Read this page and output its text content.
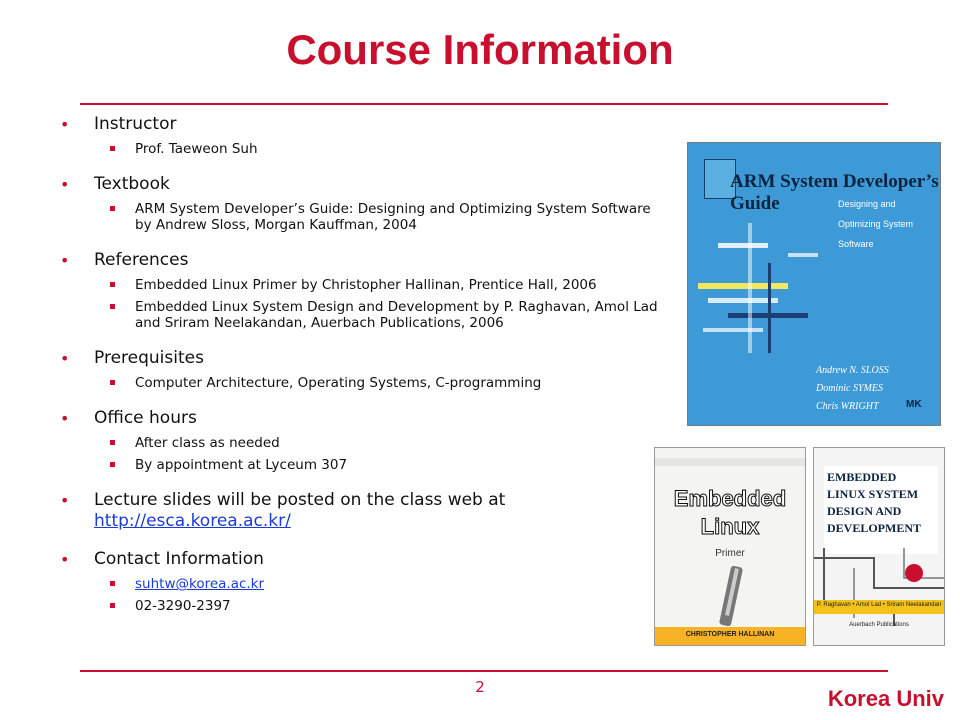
Course Information
• Instructor
Prof. Taeweon Suh
• Textbook
ARM System Developer’s Guide: Designing and Optimizing System Software by Andrew Sloss, Morgan Kauffman, 2004
• References
Embedded Linux Primer by Christopher Hallinan, Prentice Hall, 2006
Embedded Linux System Design and Development by P. Raghavan, Amol Lad and Sriram Neelakandan, Auerbach Publications, 2006
• Prerequisites
Computer Architecture, Operating Systems, C-programming
• Office hours
After class as needed
By appointment at Lyceum 307
• Lecture slides will be posted on the class web at http://esca.korea.ac.kr/
• Contact Information
suhtw@korea.ac.kr
02-3290-2397
ARM System Developer’s Guide	Designing and
Optimizing System
Software
Andrew N. SLOSS
Dominic SYMES
Chris WRIGHT	MK
Embedded
Linux
Primer
CHRISTOPHER HALLINAN
EMBEDDED
LINUX SYSTEM
DESIGN AND
DEVELOPMENT
P. Raghavan • Amol Lad • Sriram Neelakandan
Auerbach Publications
2	Korea Univ
